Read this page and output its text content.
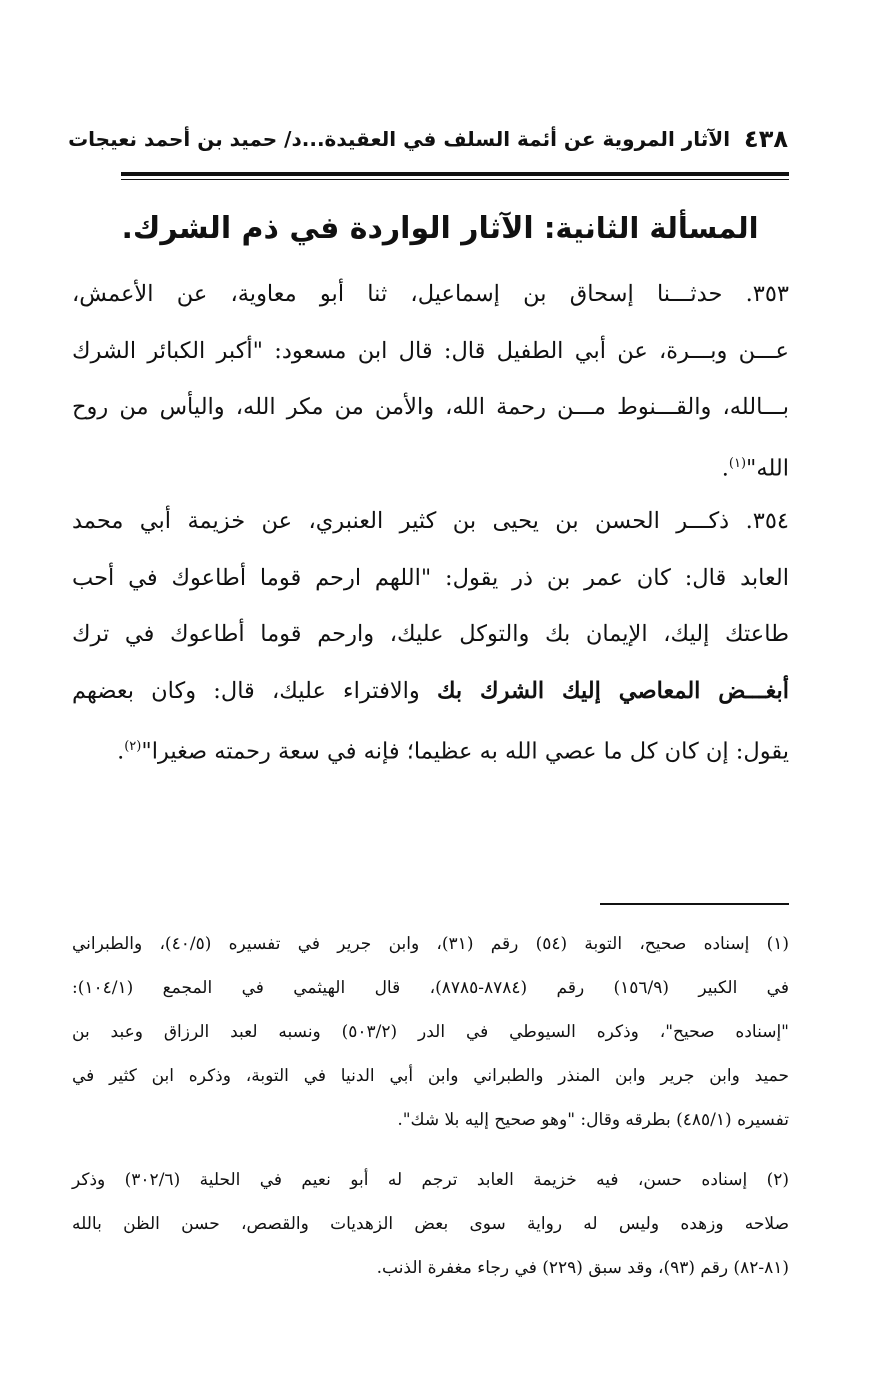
٤٣٨
الآثار المروية عن أئمة السلف في العقيدة...د/ حميد بن أحمد نعيجات
المسألة الثانية: الآثار الواردة في ذم الشرك.
٣٥٣. حدثـــنا إسحاق بن إسماعيل، ثنا أبو معاوية، عن الأعمش،
عـــن وبـــرة، عن أبي الطفيل قال: قال ابن مسعود: "أكبر الكبائر الشرك
بـــالله، والقـــنوط مـــن رحمة الله، والأمن من مكر الله، واليأس من روح
الله"$^{(١)}$.
٣٥٤. ذكـــر الحسن بن يحيى بن كثير العنبري، عن خزيمة أبي محمد
العابد قال: كان عمر بن ذر يقول: "اللهم ارحم قوما أطاعوك في أحب
طاعتك إليك، الإيمان بك والتوكل عليك، وارحم قوما أطاعوك في ترك
أبغـــض المعاصي إليك الشرك بك والافتراء عليك، قال: وكان بعضهم
يقول: إن كان كل ما عصي الله به عظيما؛ فإنه في سعة رحمته صغيرا"$^{(٢)}$.
(١) إسناده صحيح، التوبة (٥٤) رقم (٣١)، وابن جرير في تفسيره (٤٠/٥)، والطبراني
في الكبير (١٥٦/٩) رقم (٨٧٨٤-٨٧٨٥)، قال الهيثمي في المجمع (١٠٤/١):
"إسناده صحيح"، وذكره السيوطي في الدر (٥٠٣/٢) ونسبه لعبد الرزاق وعبد بن
حميد وابن جرير وابن المنذر والطبراني وابن أبي الدنيا في التوبة، وذكره ابن كثير في
تفسيره (٤٨٥/١) بطرقه وقال: "وهو صحيح إليه بلا شك".
(٢) إسناده حسن، فيه خزيمة العابد ترجم له أبو نعيم في الحلية (٣٠٢/٦) وذكر
صلاحه وزهده وليس له رواية سوى بعض الزهديات والقصص، حسن الظن بالله
(٨١-٨٢) رقم (٩٣)، وقد سبق (٢٢٩) في رجاء مغفرة الذنب.
